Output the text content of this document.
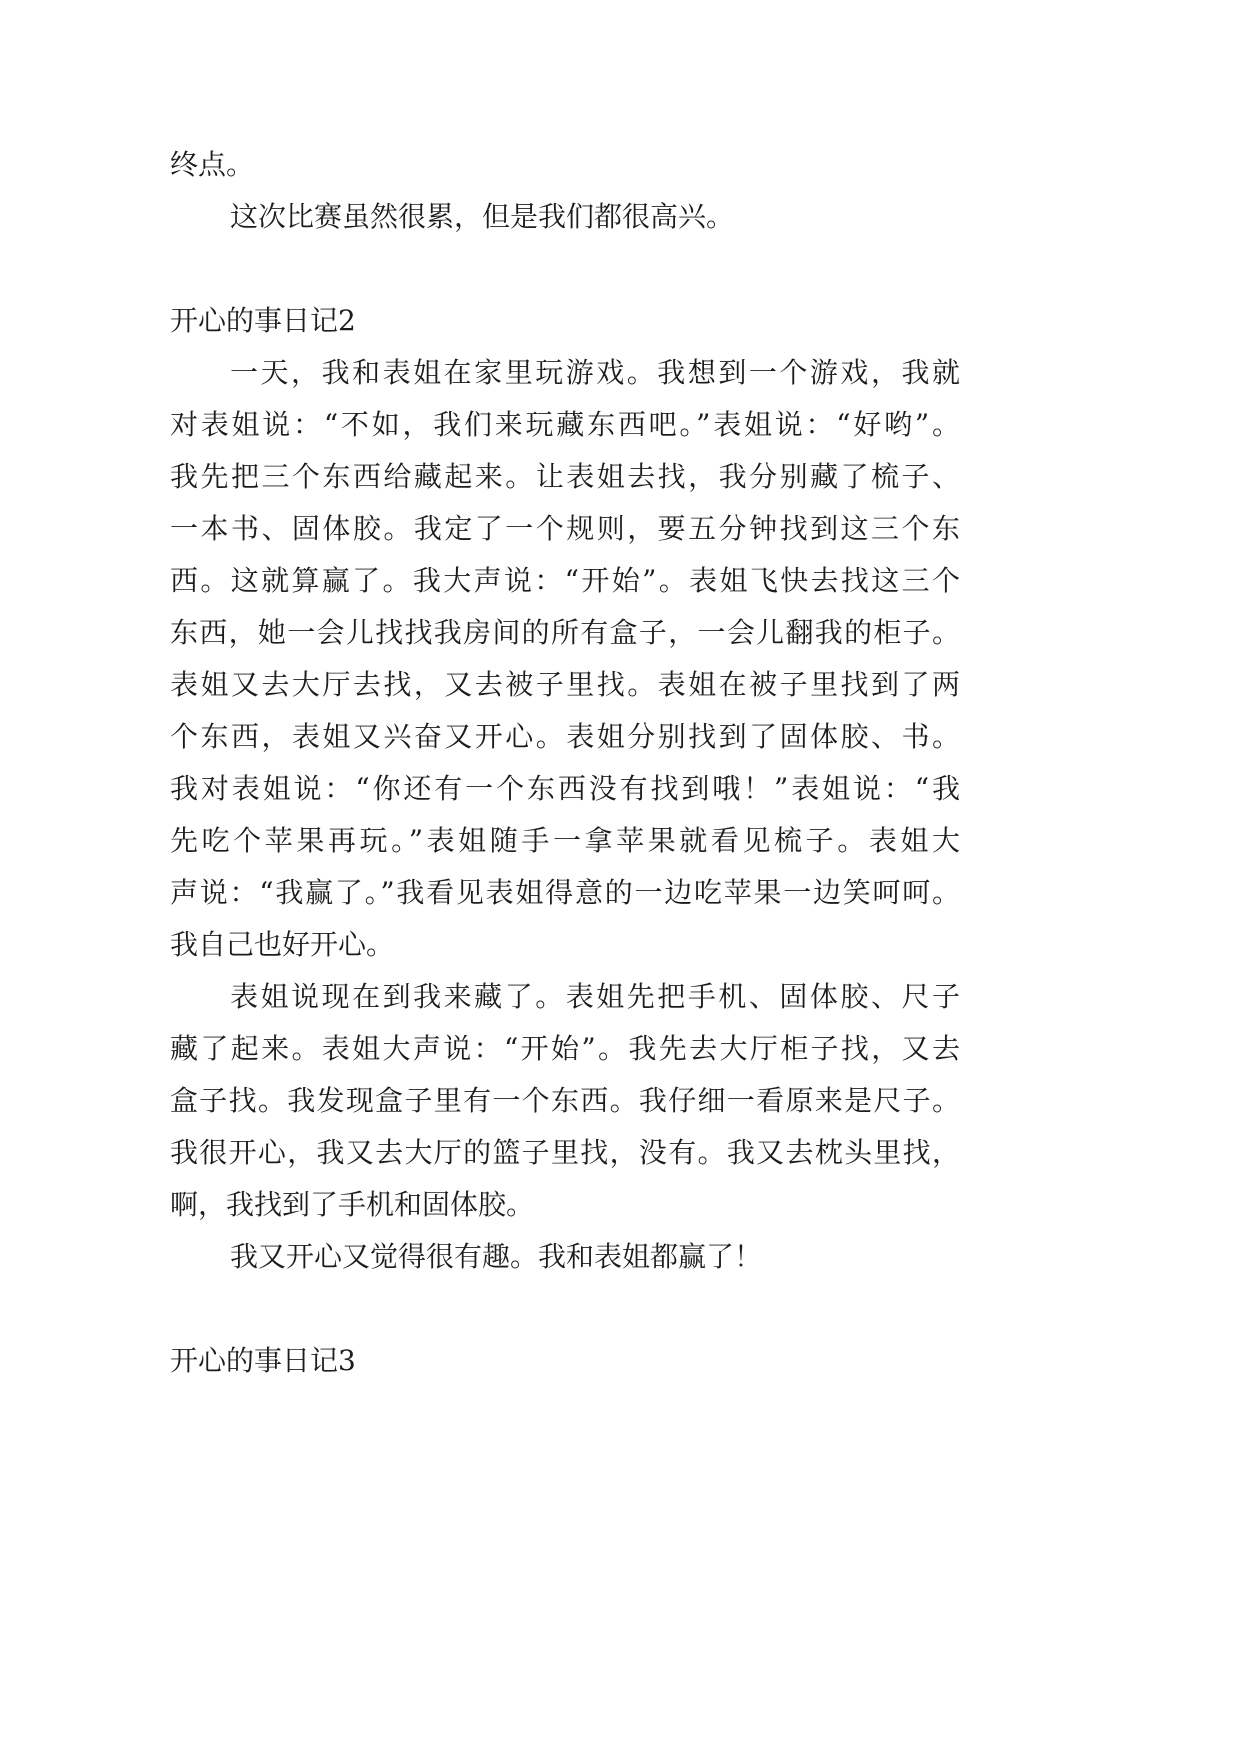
终点。
这次比赛虽然很累，但是我们都很高兴。
开心的事日记2
一天，我和表姐在家里玩游戏。我想到一个游戏，我就
对表姐说：“不如，我们来玩藏东西吧。”表姐说：“好哟”。
我先把三个东西给藏起来。让表姐去找，我分别藏了梳子、
一本书、固体胶。我定了一个规则，要五分钟找到这三个东
西。这就算赢了。我大声说：“开始”。表姐飞快去找这三个
东西，她一会儿找找我房间的所有盒子，一会儿翻我的柜子。
表姐又去大厅去找，又去被子里找。表姐在被子里找到了两
个东西，表姐又兴奋又开心。表姐分别找到了固体胶、书。
我对表姐说：“你还有一个东西没有找到哦！”表姐说：“我
先吃个苹果再玩。”表姐随手一拿苹果就看见梳子。表姐大
声说：“我赢了。”我看见表姐得意的一边吃苹果一边笑呵呵。
我自己也好开心。
表姐说现在到我来藏了。表姐先把手机、固体胶、尺子
藏了起来。表姐大声说：“开始”。我先去大厅柜子找，又去
盒子找。我发现盒子里有一个东西。我仔细一看原来是尺子。
我很开心，我又去大厅的篮子里找，没有。我又去枕头里找，
啊，我找到了手机和固体胶。
我又开心又觉得很有趣。我和表姐都赢了！
开心的事日记3
